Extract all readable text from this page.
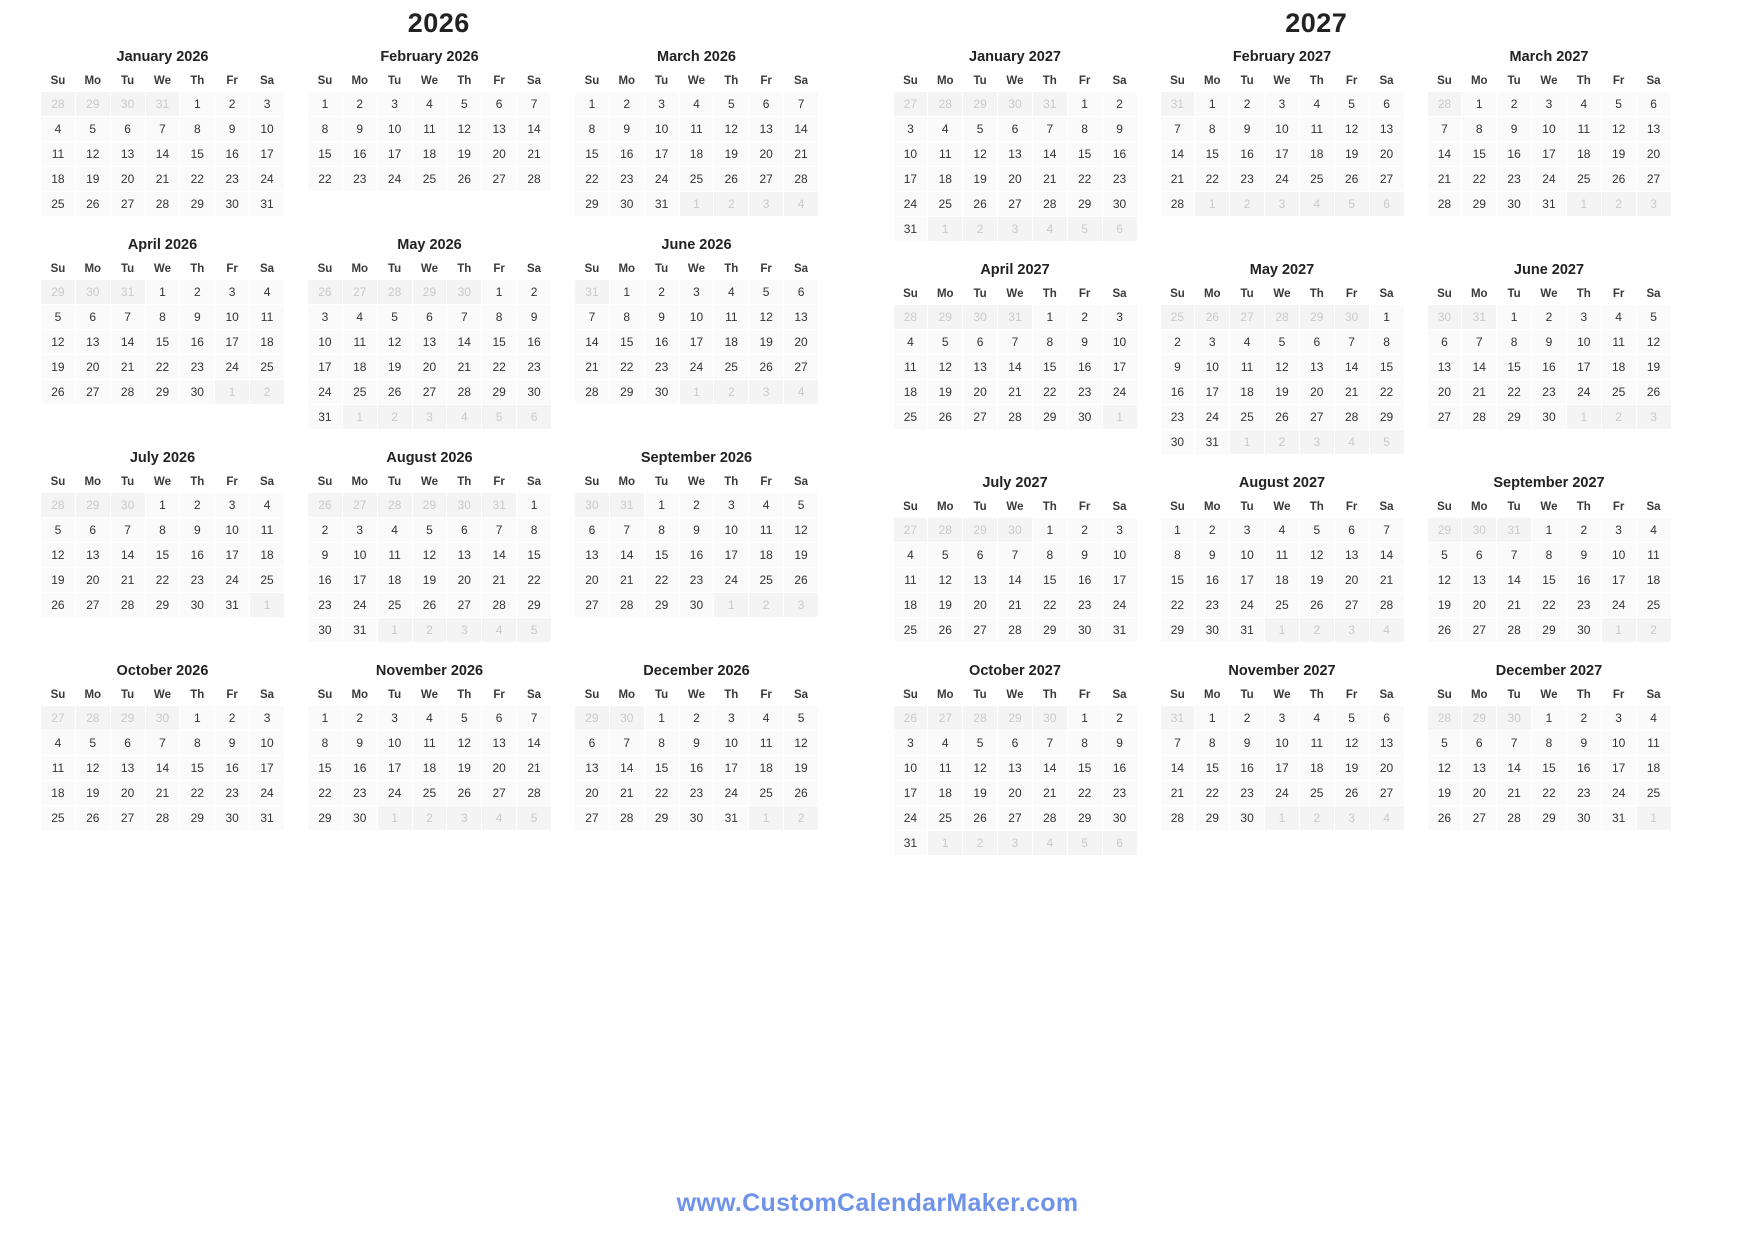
2026	2027
January 2026
Su	Mo	Tu	We	Th	Fr	Sa
28	29	30	31	1	2	3
4	5	6	7	8	9	10
11	12	13	14	15	16	17
18	19	20	21	22	23	24
25	26	27	28	29	30	31
February 2026
Su	Mo	Tu	We	Th	Fr	Sa
1	2	3	4	5	6	7
8	9	10	11	12	13	14
15	16	17	18	19	20	21
22	23	24	25	26	27	28
March 2026
Su	Mo	Tu	We	Th	Fr	Sa
1	2	3	4	5	6	7
8	9	10	11	12	13	14
15	16	17	18	19	20	21
22	23	24	25	26	27	28
29	30	31	1	2	3	4
April 2026
Su	Mo	Tu	We	Th	Fr	Sa
29	30	31	1	2	3	4
5	6	7	8	9	10	11
12	13	14	15	16	17	18
19	20	21	22	23	24	25
26	27	28	29	30	1	2
May 2026
Su	Mo	Tu	We	Th	Fr	Sa
26	27	28	29	30	1	2
3	4	5	6	7	8	9
10	11	12	13	14	15	16
17	18	19	20	21	22	23
24	25	26	27	28	29	30
31	1	2	3	4	5	6
June 2026
Su	Mo	Tu	We	Th	Fr	Sa
31	1	2	3	4	5	6
7	8	9	10	11	12	13
14	15	16	17	18	19	20
21	22	23	24	25	26	27
28	29	30	1	2	3	4
July 2026
Su	Mo	Tu	We	Th	Fr	Sa
28	29	30	1	2	3	4
5	6	7	8	9	10	11
12	13	14	15	16	17	18
19	20	21	22	23	24	25
26	27	28	29	30	31	1
August 2026
Su	Mo	Tu	We	Th	Fr	Sa
26	27	28	29	30	31	1
2	3	4	5	6	7	8
9	10	11	12	13	14	15
16	17	18	19	20	21	22
23	24	25	26	27	28	29
30	31	1	2	3	4	5
September 2026
Su	Mo	Tu	We	Th	Fr	Sa
30	31	1	2	3	4	5
6	7	8	9	10	11	12
13	14	15	16	17	18	19
20	21	22	23	24	25	26
27	28	29	30	1	2	3
October 2026
Su	Mo	Tu	We	Th	Fr	Sa
27	28	29	30	1	2	3
4	5	6	7	8	9	10
11	12	13	14	15	16	17
18	19	20	21	22	23	24
25	26	27	28	29	30	31
November 2026
Su	Mo	Tu	We	Th	Fr	Sa
1	2	3	4	5	6	7
8	9	10	11	12	13	14
15	16	17	18	19	20	21
22	23	24	25	26	27	28
29	30	1	2	3	4	5
December 2026
Su	Mo	Tu	We	Th	Fr	Sa
29	30	1	2	3	4	5
6	7	8	9	10	11	12
13	14	15	16	17	18	19
20	21	22	23	24	25	26
27	28	29	30	31	1	2
January 2027
Su	Mo	Tu	We	Th	Fr	Sa
27	28	29	30	31	1	2
3	4	5	6	7	8	9
10	11	12	13	14	15	16
17	18	19	20	21	22	23
24	25	26	27	28	29	30
31	1	2	3	4	5	6
February 2027
Su	Mo	Tu	We	Th	Fr	Sa
31	1	2	3	4	5	6
7	8	9	10	11	12	13
14	15	16	17	18	19	20
21	22	23	24	25	26	27
28	1	2	3	4	5	6
March 2027
Su	Mo	Tu	We	Th	Fr	Sa
28	1	2	3	4	5	6
7	8	9	10	11	12	13
14	15	16	17	18	19	20
21	22	23	24	25	26	27
28	29	30	31	1	2	3
April 2027
Su	Mo	Tu	We	Th	Fr	Sa
28	29	30	31	1	2	3
4	5	6	7	8	9	10
11	12	13	14	15	16	17
18	19	20	21	22	23	24
25	26	27	28	29	30	1
May 2027
Su	Mo	Tu	We	Th	Fr	Sa
25	26	27	28	29	30	1
2	3	4	5	6	7	8
9	10	11	12	13	14	15
16	17	18	19	20	21	22
23	24	25	26	27	28	29
30	31	1	2	3	4	5
June 2027
Su	Mo	Tu	We	Th	Fr	Sa
30	31	1	2	3	4	5
6	7	8	9	10	11	12
13	14	15	16	17	18	19
20	21	22	23	24	25	26
27	28	29	30	1	2	3
July 2027
Su	Mo	Tu	We	Th	Fr	Sa
27	28	29	30	1	2	3
4	5	6	7	8	9	10
11	12	13	14	15	16	17
18	19	20	21	22	23	24
25	26	27	28	29	30	31
August 2027
Su	Mo	Tu	We	Th	Fr	Sa
1	2	3	4	5	6	7
8	9	10	11	12	13	14
15	16	17	18	19	20	21
22	23	24	25	26	27	28
29	30	31	1	2	3	4
September 2027
Su	Mo	Tu	We	Th	Fr	Sa
29	30	31	1	2	3	4
5	6	7	8	9	10	11
12	13	14	15	16	17	18
19	20	21	22	23	24	25
26	27	28	29	30	1	2
October 2027
Su	Mo	Tu	We	Th	Fr	Sa
26	27	28	29	30	1	2
3	4	5	6	7	8	9
10	11	12	13	14	15	16
17	18	19	20	21	22	23
24	25	26	27	28	29	30
31	1	2	3	4	5	6
November 2027
Su	Mo	Tu	We	Th	Fr	Sa
31	1	2	3	4	5	6
7	8	9	10	11	12	13
14	15	16	17	18	19	20
21	22	23	24	25	26	27
28	29	30	1	2	3	4
December 2027
Su	Mo	Tu	We	Th	Fr	Sa
28	29	30	1	2	3	4
5	6	7	8	9	10	11
12	13	14	15	16	17	18
19	20	21	22	23	24	25
26	27	28	29	30	31	1
www.CustomCalendarMaker.com
